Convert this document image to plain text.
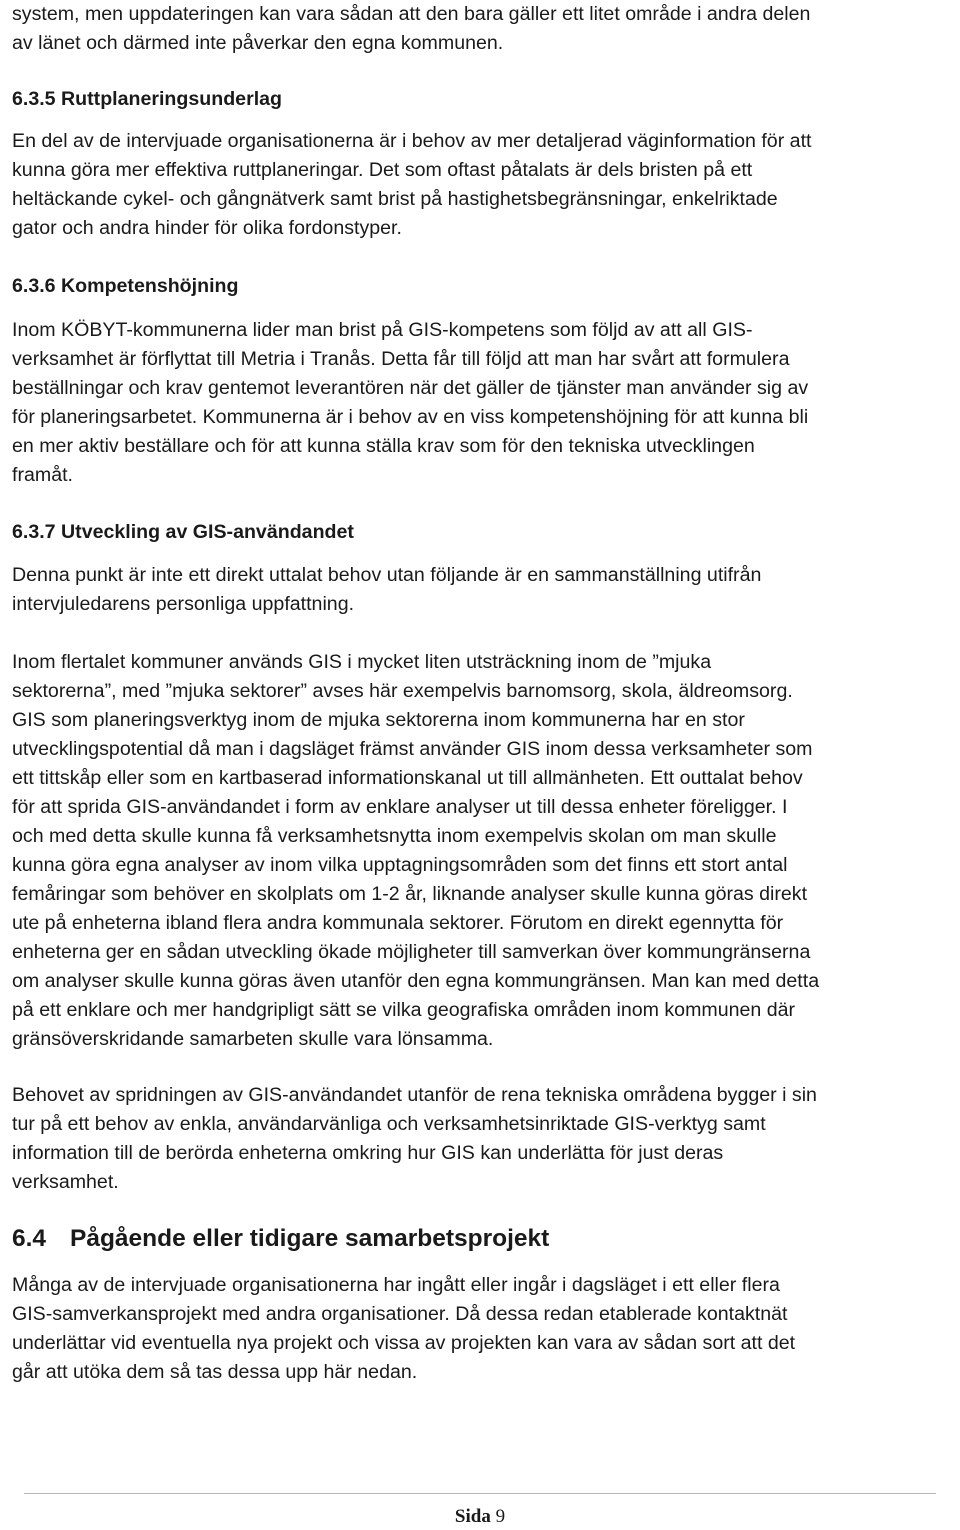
system, men uppdateringen kan vara sådan att den bara gäller ett litet område i andra delen

av länet och därmed inte påverkar den egna kommunen.

6.3.5 Ruttplaneringsunderlag

En del av de intervjuade organisationerna är i behov av mer detaljerad väginformation för att

kunna göra mer effektiva ruttplaneringar. Det som oftast påtalats är dels bristen på ett

heltäckande cykel- och gångnätverk samt brist på hastighetsbegränsningar, enkelriktade

gator och andra hinder för olika fordonstyper.

6.3.6 Kompetenshöjning

Inom KÖBYT-kommunerna lider man brist på GIS-kompetens som följd av att all GIS-

verksamhet är förflyttat till Metria i Tranås. Detta får till följd att man har svårt att formulera

beställningar och krav gentemot leverantören när det gäller de tjänster man använder sig av

för planeringsarbetet. Kommunerna är i behov av en viss kompetenshöjning för att kunna bli

en mer aktiv beställare och för att kunna ställa krav som för den tekniska utvecklingen

framåt.

6.3.7 Utveckling av GIS-användandet

Denna punkt är inte ett direkt uttalat behov utan följande är en sammanställning utifrån

intervjuledarens personliga uppfattning.

Inom flertalet kommuner används GIS i mycket liten utsträckning inom de ”mjuka

sektorerna”, med ”mjuka sektorer” avses här exempelvis barnomsorg, skola, äldreomsorg.

GIS som planeringsverktyg inom de mjuka sektorerna inom kommunerna har en stor

utvecklingspotential då man i dagsläget främst använder GIS inom dessa verksamheter som

ett tittskåp eller som en kartbaserad informationskanal ut till allmänheten. Ett outtalat behov

för att sprida GIS-användandet i form av enklare analyser ut till dessa enheter föreligger. I

och med detta skulle kunna få verksamhetsnytta inom exempelvis skolan om man skulle

kunna göra egna analyser av inom vilka upptagningsområden som det finns ett stort antal

femåringar som behöver en skolplats om 1-2 år, liknande analyser skulle kunna göras direkt

ute på enheterna ibland flera andra kommunala sektorer. Förutom en direkt egennytta för

enheterna ger en sådan utveckling ökade möjligheter till samverkan över kommungränserna

om analyser skulle kunna göras även utanför den egna kommungränsen. Man kan med detta

på ett enklare och mer handgripligt sätt se vilka geografiska områden inom kommunen där

gränsöverskridande samarbeten skulle vara lönsamma.

Behovet av spridningen av GIS-användandet utanför de rena tekniska områdena bygger i sin

tur på ett behov av enkla, användarvänliga och verksamhetsinriktade GIS-verktyg samt

information till de berörda enheterna omkring hur GIS kan underlätta för just deras

verksamhet.

6.4 Pågående eller tidigare samarbetsprojekt

Många av de intervjuade organisationerna har ingått eller ingår i dagsläget i ett eller flera

GIS-samverkansprojekt med andra organisationer. Då dessa redan etablerade kontaktnät

underlättar vid eventuella nya projekt och vissa av projekten kan vara av sådan sort att det

går att utöka dem så tas dessa upp här nedan.

Sida 9
